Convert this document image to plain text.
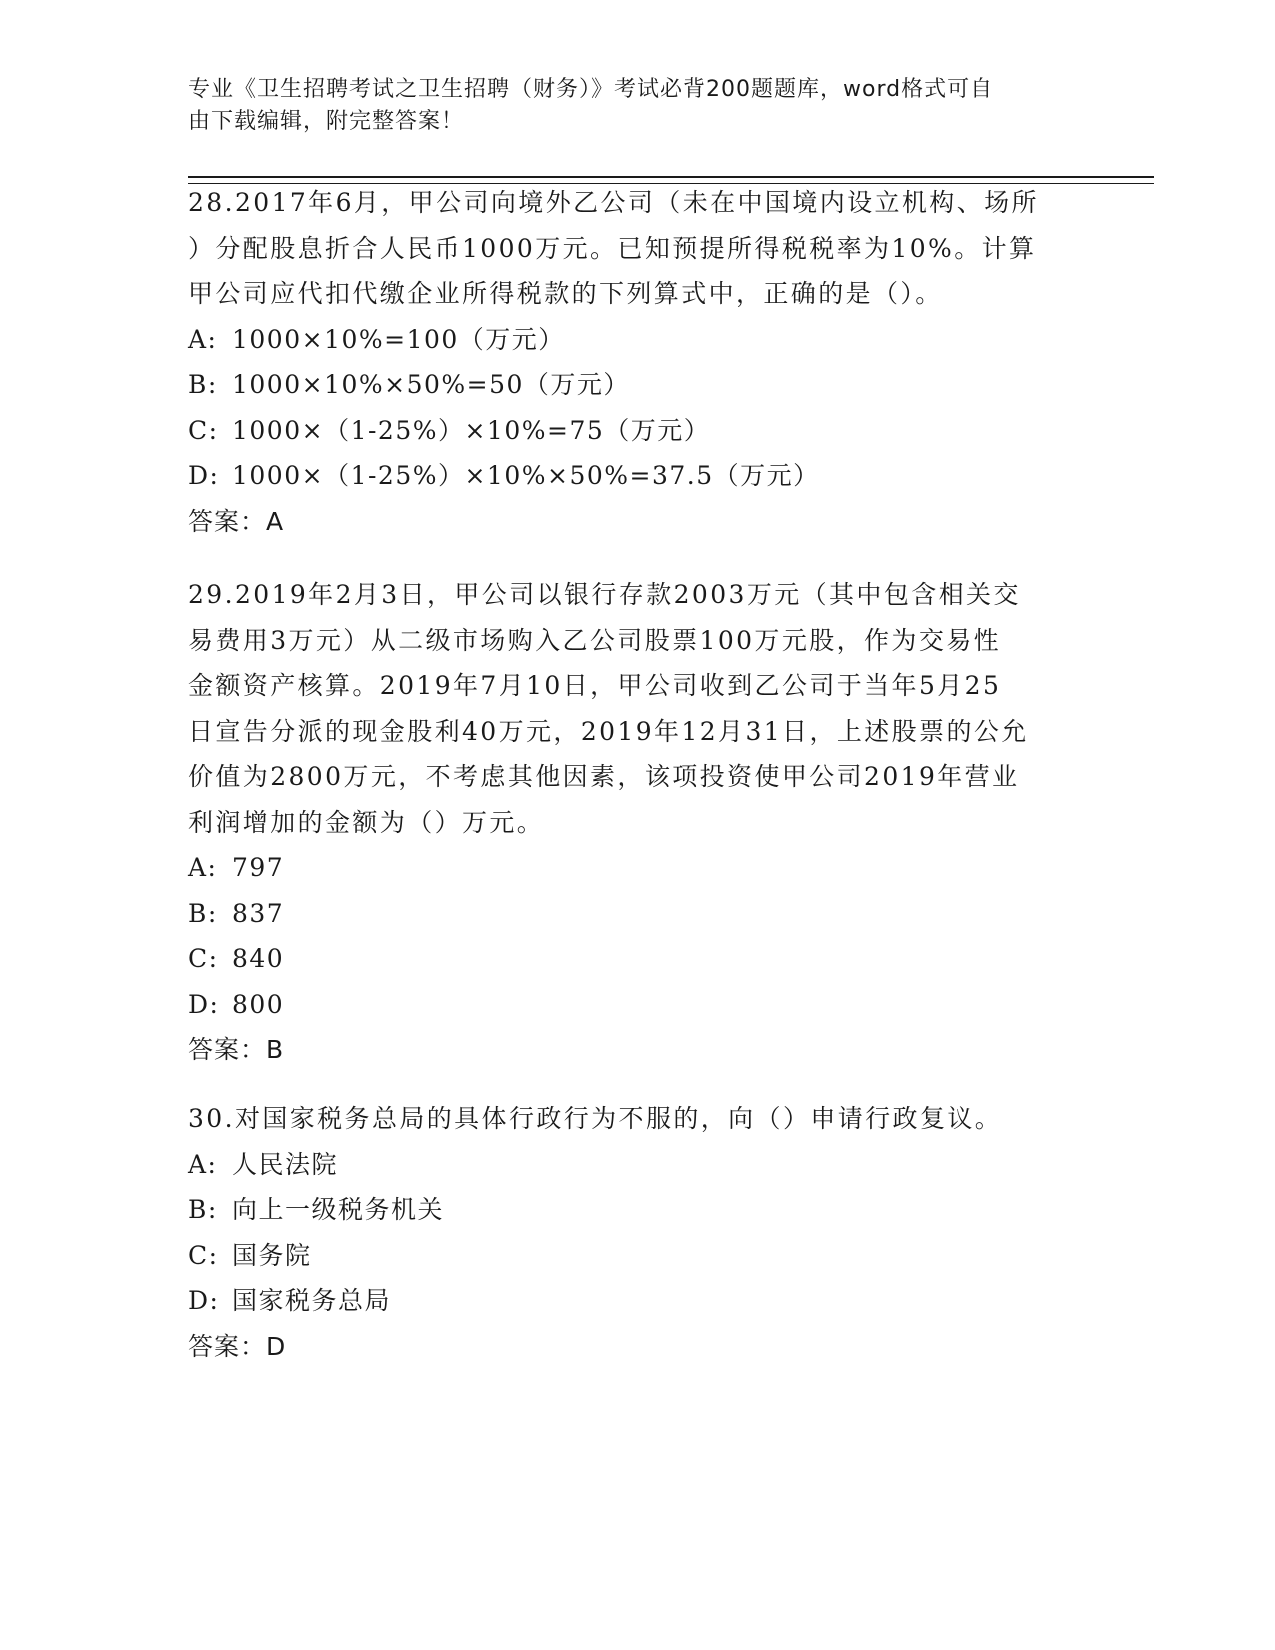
专业《卫生招聘考试之卫生招聘（财务）》考试必背200题题库，word格式可自
由下载编辑，附完整答案！

28.2017年6月，甲公司向境外乙公司（未在中国境内设立机构、场所

）分配股息折合人民币1000万元。已知预提所得税税率为10%。计算

甲公司应代扣代缴企业所得税款的下列算式中，正确的是（）。

A: 1000×10%=100（万元）

B: 1000×10%×50%=50（万元）

C: 1000×（1-25%）×10%=75（万元）

D: 1000×（1-25%）×10%×50%=37.5（万元）

答案：A

29.2019年2月3日，甲公司以银行存款2003万元（其中包含相关交

易费用3万元）从二级市场购入乙公司股票100万元股，作为交易性

金额资产核算。2019年7月10日，甲公司收到乙公司于当年5月25

日宣告分派的现金股利40万元，2019年12月31日，上述股票的公允

价值为2800万元，不考虑其他因素，该项投资使甲公司2019年营业

利润增加的金额为（）万元。

A: 797

B: 837

C: 840

D: 800

答案：B

30.对国家税务总局的具体行政行为不服的，向（）申请行政复议。

A: 人民法院

B: 向上一级税务机关

C: 国务院

D: 国家税务总局

答案：D
